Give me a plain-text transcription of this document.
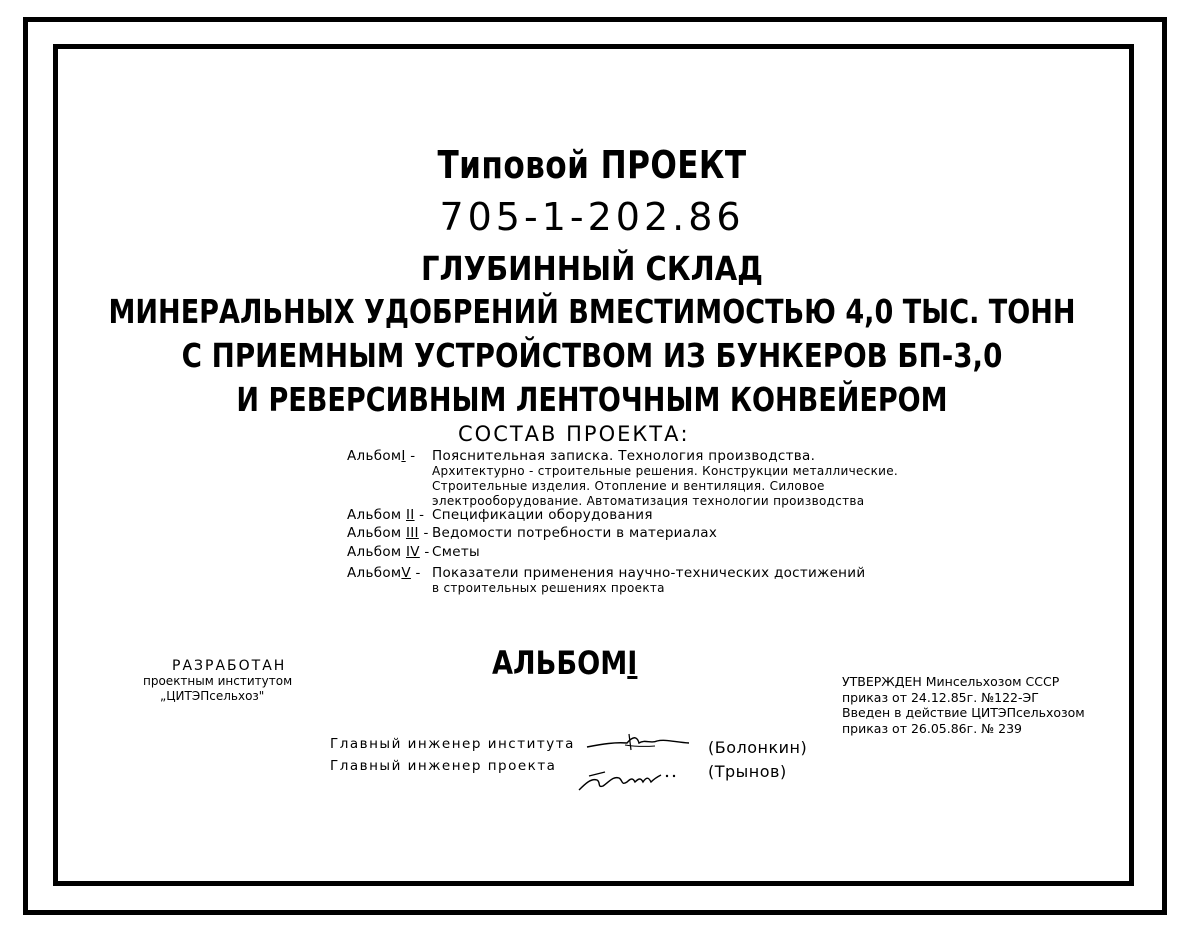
Типовой ПРОЕКТ
705-1-202.86
ГЛУБИННЫЙ СКЛАД
МИНЕРАЛЬНЫХ УДОБРЕНИЙ ВМЕСТИМОСТЬЮ 4,0 ТЫС. ТОНН
С ПРИЕМНЫМ УСТРОЙСТВОМ ИЗ БУНКЕРОВ БП-3,0
И РЕВЕРСИВНЫМ ЛЕНТОЧНЫМ КОНВЕЙЕРОМ
СОСТАВ ПРОЕКТА:
АльбомI - Пояснительная записка. Технология производства.
Архитектурно - строительные решения. Конструкции металлические.
Строительные изделия. Отопление и вентиляция. Силовое
электрооборудование. Автоматизация технологии производства
Альбом II - Спецификации оборудования
Альбом III - Ведомости потребности в материалах
Альбом IV - Сметы
АльбомV - Показатели применения научно-технических достижений
в строительных решениях проекта
РАЗРАБОТАН
проектным институтом
„ЦИТЭПсельхоз"
АЛЬБОМI	УТВЕРЖДЕН Минсельхозом СССР
приказ от 24.12.85г. №122-ЭГ
Введен в действие ЦИТЭПсельхозом
приказ от 26.05.86г. № 239
Главный инженер института
Главный инженер проекта
(Болонкин)
(Трынов)
